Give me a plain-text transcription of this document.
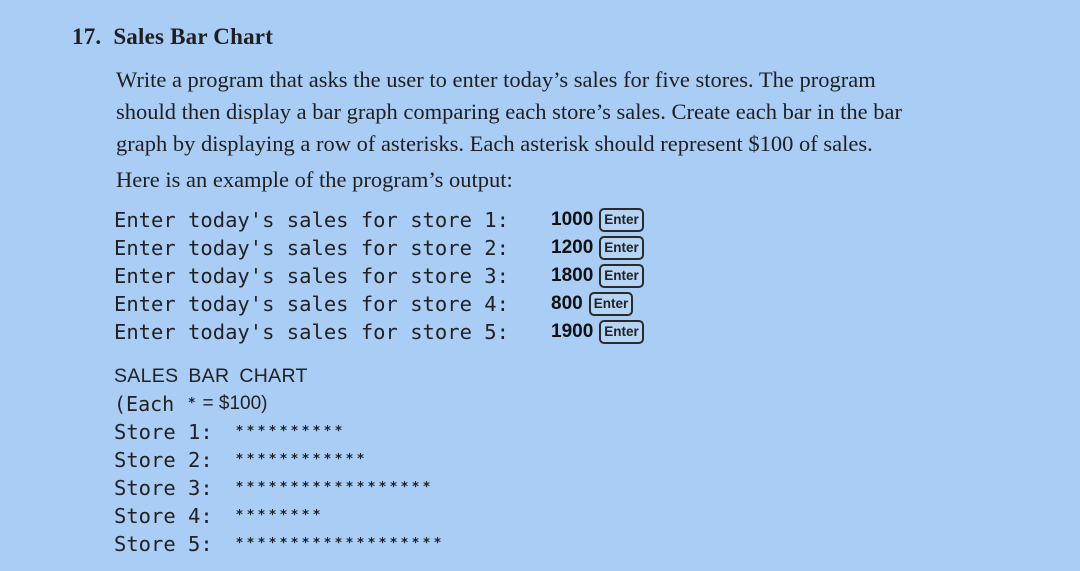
17. Sales Bar Chart
Write a program that asks the user to enter today’s sales for five stores. The program
should then display a bar graph comparing each store’s sales. Create each bar in the bar
graph by displaying a row of asterisks. Each asterisk should represent $100 of sales.
Here is an example of the program’s output:
Enter today's sales for store 1:	1000 Enter
Enter today's sales for store 2:	1200 Enter
Enter today's sales for store 3:	1800 Enter
Enter today's sales for store 4:	800 Enter
Enter today's sales for store 5:	1900 Enter
SALES BAR CHART
(Each * = $100)
Store 1:	* * * * * * * * * *
Store 2:	* * * * * * * * * * * *
Store 3:	* * * * * * * * * * * * * * * * * *
Store 4:	* * * * * * * *
Store 5:	* * * * * * * * * * * * * * * * * * *
